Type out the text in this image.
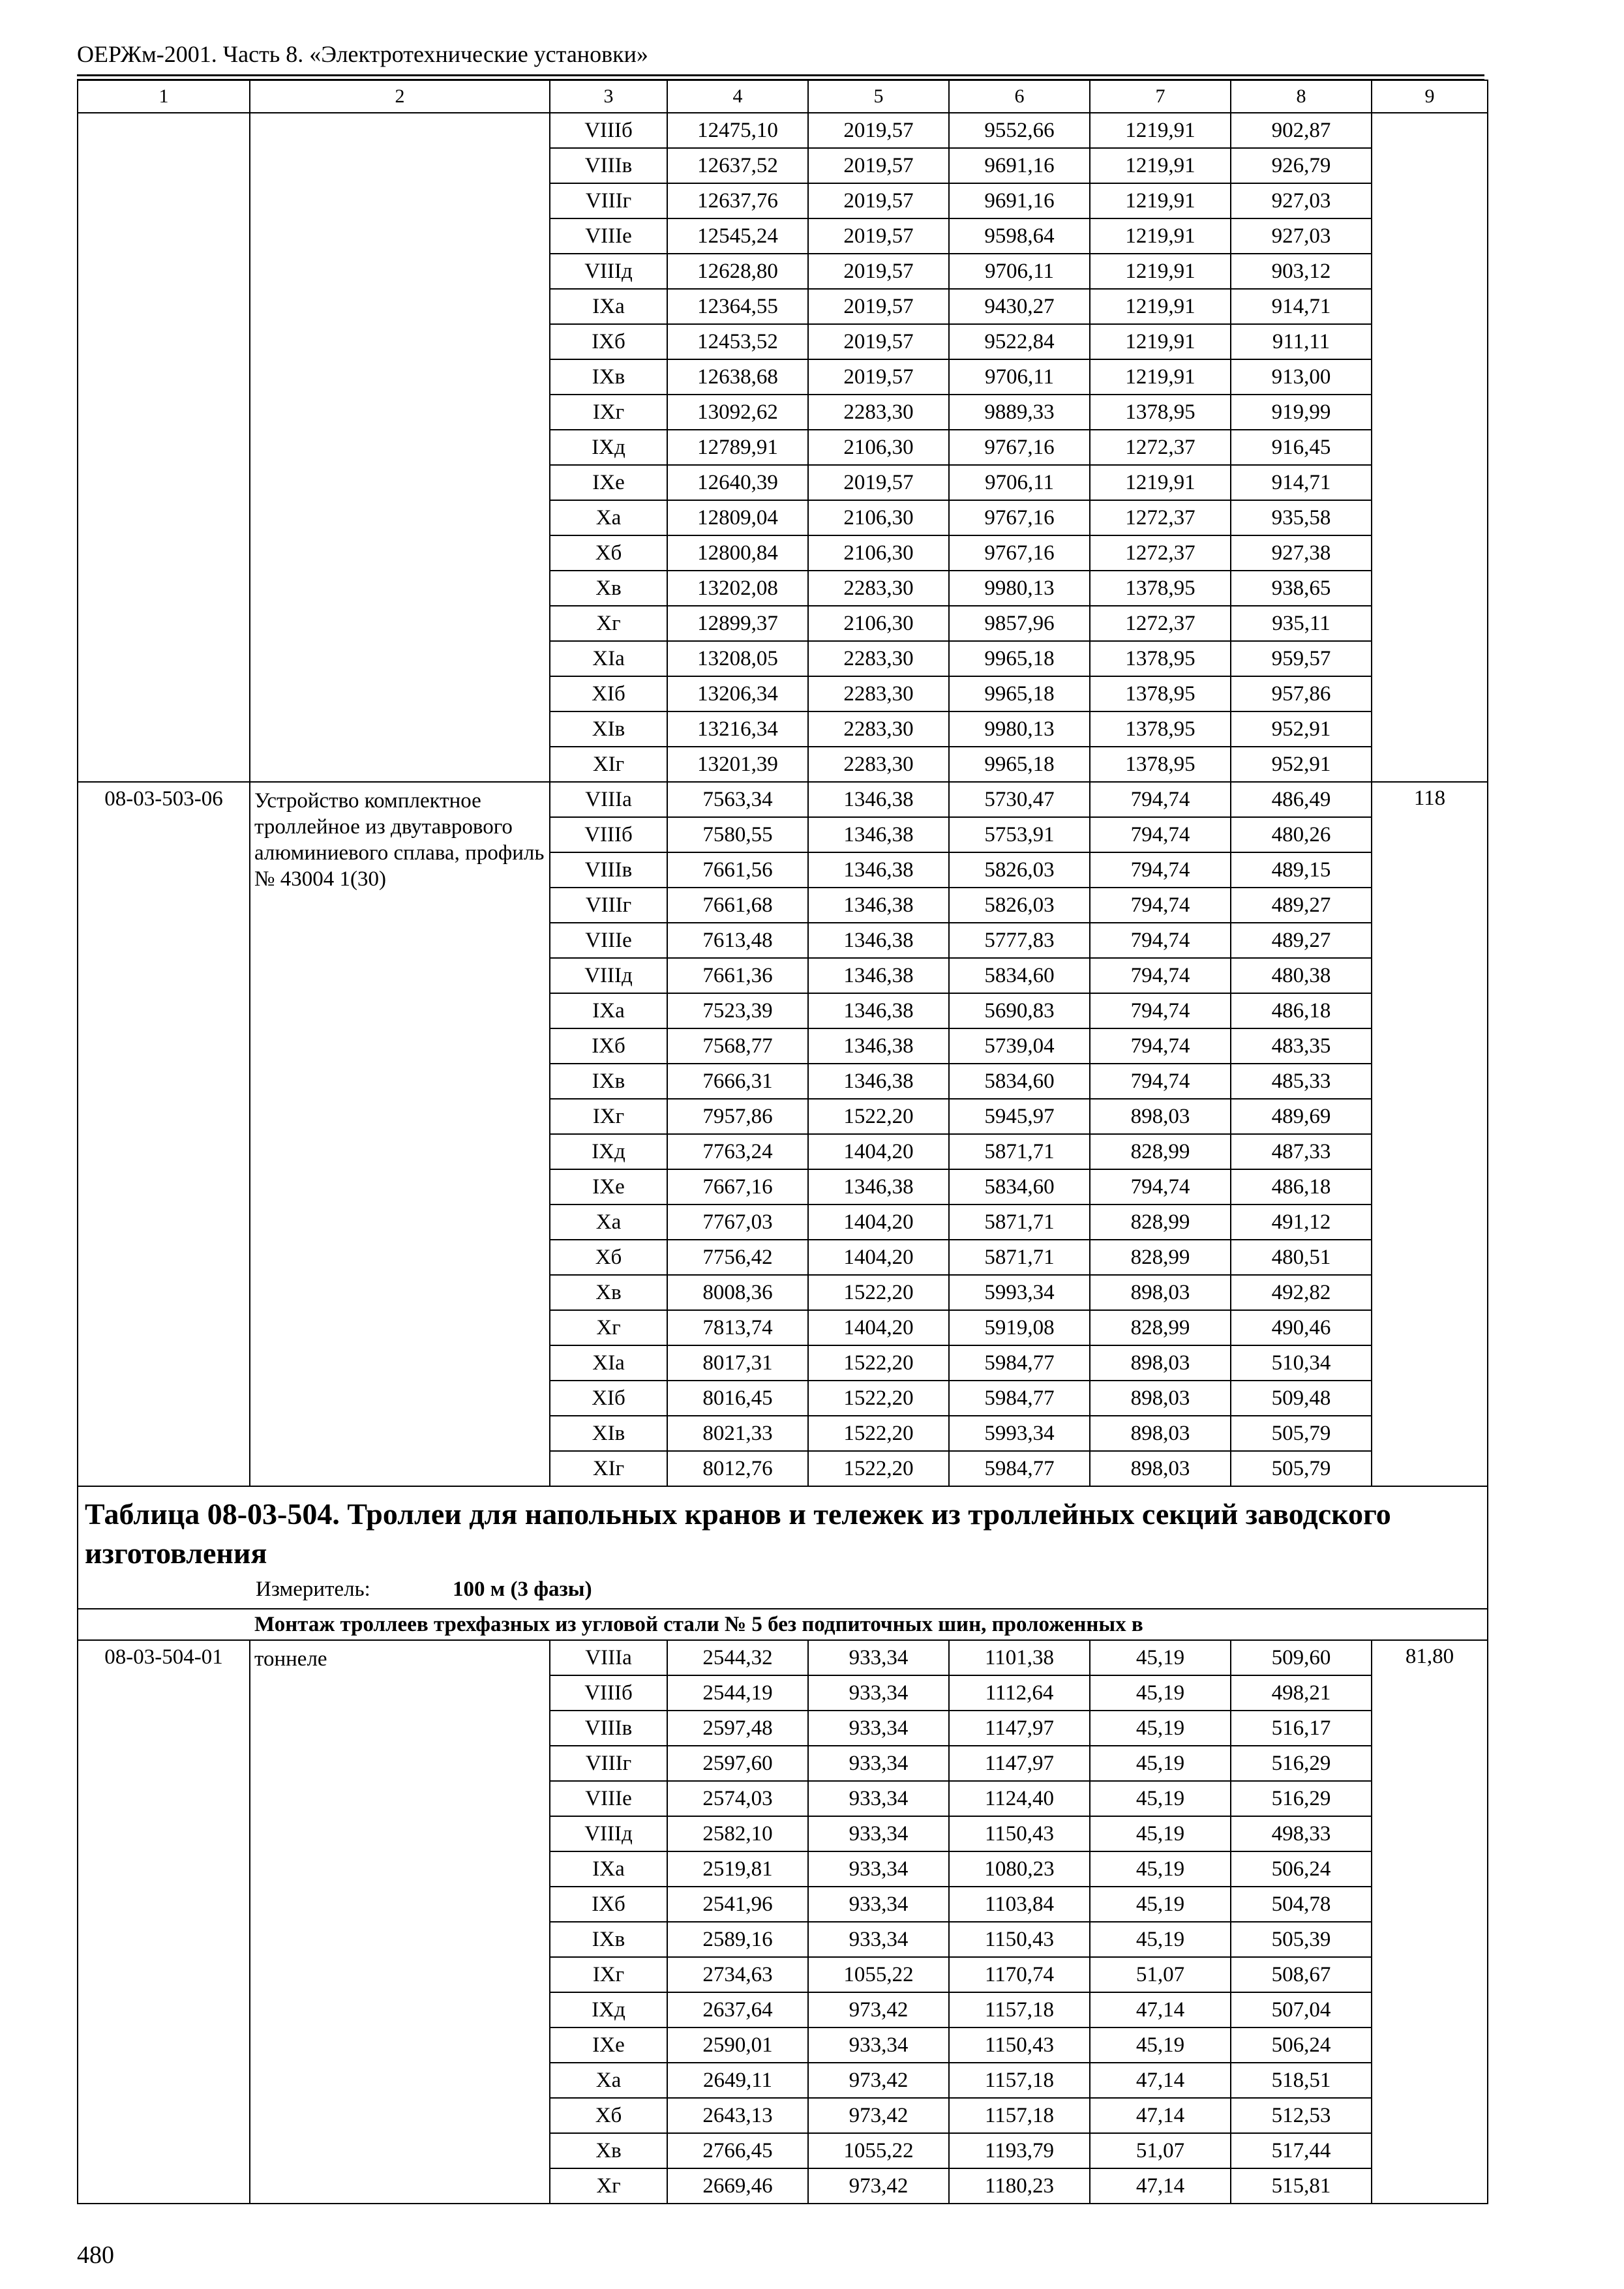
ОЕРЖм-2001. Часть 8. «Электротехнические установки»
1	2	3	4	5	6	7	8	9
		VIIIб	12475,10	2019,57	9552,66	1219,91	902,87	
		VIIIв	12637,52	2019,57	9691,16	1219,91	926,79	
		VIIIг	12637,76	2019,57	9691,16	1219,91	927,03	
		VIIIе	12545,24	2019,57	9598,64	1219,91	927,03	
		VIIIд	12628,80	2019,57	9706,11	1219,91	903,12	
		IXа	12364,55	2019,57	9430,27	1219,91	914,71	
		IXб	12453,52	2019,57	9522,84	1219,91	911,11	
		IXв	12638,68	2019,57	9706,11	1219,91	913,00	
		IXг	13092,62	2283,30	9889,33	1378,95	919,99	
		IXд	12789,91	2106,30	9767,16	1272,37	916,45	
		IXе	12640,39	2019,57	9706,11	1219,91	914,71	
		Xа	12809,04	2106,30	9767,16	1272,37	935,58	
		Xб	12800,84	2106,30	9767,16	1272,37	927,38	
		Xв	13202,08	2283,30	9980,13	1378,95	938,65	
		Xг	12899,37	2106,30	9857,96	1272,37	935,11	
		XIа	13208,05	2283,30	9965,18	1378,95	959,57	
		XIб	13206,34	2283,30	9965,18	1378,95	957,86	
		XIв	13216,34	2283,30	9980,13	1378,95	952,91	
		XIг	13201,39	2283,30	9965,18	1378,95	952,91	
08-03-503-06	Устройство комплектное троллейное из двутаврового алюминиевого сплава, профиль № 43004 1(30)	VIIIа	7563,34	1346,38	5730,47	794,74	486,49	118
		VIIIб	7580,55	1346,38	5753,91	794,74	480,26	
		VIIIв	7661,56	1346,38	5826,03	794,74	489,15	
		VIIIг	7661,68	1346,38	5826,03	794,74	489,27	
		VIIIе	7613,48	1346,38	5777,83	794,74	489,27	
		VIIIд	7661,36	1346,38	5834,60	794,74	480,38	
		IXа	7523,39	1346,38	5690,83	794,74	486,18	
		IXб	7568,77	1346,38	5739,04	794,74	483,35	
		IXв	7666,31	1346,38	5834,60	794,74	485,33	
		IXг	7957,86	1522,20	5945,97	898,03	489,69	
		IXд	7763,24	1404,20	5871,71	828,99	487,33	
		IXе	7667,16	1346,38	5834,60	794,74	486,18	
		Xа	7767,03	1404,20	5871,71	828,99	491,12	
		Xб	7756,42	1404,20	5871,71	828,99	480,51	
		Xв	8008,36	1522,20	5993,34	898,03	492,82	
		Xг	7813,74	1404,20	5919,08	828,99	490,46	
		XIа	8017,31	1522,20	5984,77	898,03	510,34	
		XIб	8016,45	1522,20	5984,77	898,03	509,48	
		XIв	8021,33	1522,20	5993,34	898,03	505,79	
		XIг	8012,76	1522,20	5984,77	898,03	505,79	

Таблица 08-03-504. Троллеи для напольных кранов и тележек из троллейных секций заводского изготовления
Измеритель: 100 м (3 фазы)								

Монтаж троллеев трехфазных из угловой стали № 5 без подпиточных шин, проложенных в								
08-03-504-01	тоннеле	VIIIа	2544,32	933,34	1101,38	45,19	509,60	81,80
		VIIIб	2544,19	933,34	1112,64	45,19	498,21	
		VIIIв	2597,48	933,34	1147,97	45,19	516,17	
		VIIIг	2597,60	933,34	1147,97	45,19	516,29	
		VIIIе	2574,03	933,34	1124,40	45,19	516,29	
		VIIIд	2582,10	933,34	1150,43	45,19	498,33	
		IXа	2519,81	933,34	1080,23	45,19	506,24	
		IXб	2541,96	933,34	1103,84	45,19	504,78	
		IXв	2589,16	933,34	1150,43	45,19	505,39	
		IXг	2734,63	1055,22	1170,74	51,07	508,67	
		IXд	2637,64	973,42	1157,18	47,14	507,04	
		IXе	2590,01	933,34	1150,43	45,19	506,24	
		Xа	2649,11	973,42	1157,18	47,14	518,51	
		Xб	2643,13	973,42	1157,18	47,14	512,53	
		Xв	2766,45	1055,22	1193,79	51,07	517,44	
		Xг	2669,46	973,42	1180,23	47,14	515,81	
480
